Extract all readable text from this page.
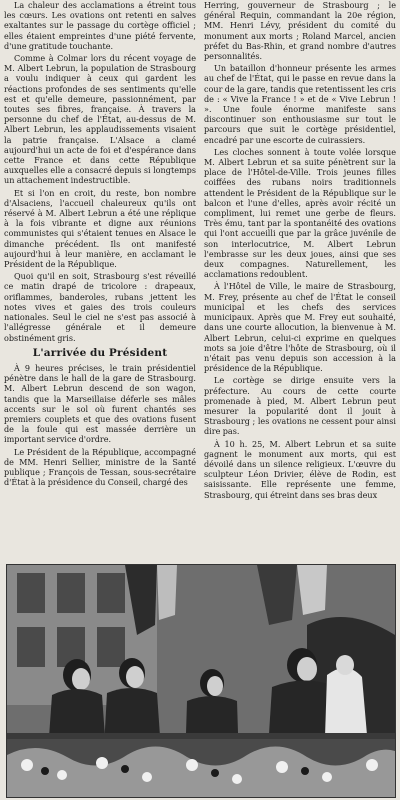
La chaleur des acclamations a étreint tous les cœurs. Les ovations ont retenti en salves exaltantes sur le passage du cortège officiel ; elles étaient empreintes d'une piété fervente, d'une gratitude touchante.

Comme à Colmar lors du récent voyage de M. Albert Lebrun, la population de Strasbourg a voulu indiquer à ceux qui gardent les réactions profondes de ses sentiments qu'elle est et qu'elle demeure, passionnément, par toutes ses fibres, française. À travers la personne du chef de l'État, au-dessus de M. Albert Lebrun, les applaudissements visaient la patrie française. L'Alsace a clamé aujourd'hui un acte de foi et d'espérance dans cette France et dans cette République auxquelles elle a consacré depuis si longtemps un attachement indestructible.

Et si l'on en croit, du reste, bon nombre d'Alsaciens, l'accueil chaleureux qu'ils ont réservé à M. Albert Lebrun a été une réplique à la fois vibrante et digne aux réunions communistes qui s'étaient tenues en Alsace le dimanche précédent. Ils ont manifesté aujourd'hui à leur manière, en acclamant le Président de la République.

Quoi qu'il en soit, Strasbourg s'est réveillé ce matin drapé de tricolore : drapeaux, oriflammes, banderoles, rubans jettent les notes vives et gaies des trois couleurs nationales. Seul le ciel ne s'est pas associé à l'allégresse générale et il demeure obstinément gris.

L'arrivée du Président

À 9 heures précises, le train présidentiel pénètre dans le hall de la gare de Strasbourg. M. Albert Lebrun descend de son wagon, tandis que la Marseillaise déferle ses mâles accents sur le sol où furent chantés ses premiers couplets et que des ovations fusent de la foule qui est massée derrière un important service d'ordre.

Le Président de la République, accompagné de MM. Henri Sellier, ministre de la Santé publique ; François de Tessan, sous-secrétaire d'État à la présidence du Conseil, chargé des

Herring, gouverneur de Strasbourg ; le général Requin, commandant la 20e région, MM. Henri Lévy, président du comité du monument aux morts ; Roland Marcel, ancien préfet du Bas-Rhin, et grand nombre d'autres personnalités.

Un bataillon d'honneur présente les armes au chef de l'État, qui le passe en revue dans la cour de la gare, tandis que retentissent les cris de : « Vive la France ! » et de « Vive Lebrun ! ». Une foule énorme manifeste sans discontinuer son enthousiasme sur tout le parcours que suit le cortège présidentiel, encadré par une escorte de cuirassiers.

Les cloches sonnent à toute volée lorsque M. Albert Lebrun et sa suite pénètrent sur la place de l'Hôtel-de-Ville. Trois jeunes filles coiffées des rubans noirs traditionnels attendent le Président de la République sur le balcon et l'une d'elles, après avoir récité un compliment, lui remet une gerbe de fleurs. Très ému, tant par la spontanéité des ovations qui l'ont accueilli que par la grâce juvénile de son interlocutrice, M. Albert Lebrun l'embrasse sur les deux joues, ainsi que ses deux compagnes. Naturellement, les acclamations redoublent.

À l'Hôtel de Ville, le maire de Strasbourg, M. Frey, présente au chef de l'État le conseil municipal et les chefs des services municipaux. Après que M. Frey eut souhaité, dans une courte allocution, la bienvenue à M. Albert Lebrun, celui-ci exprime en quelques mots sa joie d'être l'hôte de Strasbourg, où il n'était pas venu depuis son accession à la présidence de la République.

Le cortège se dirige ensuite vers la préfecture. Au cours de cette courte promenade à pied, M. Albert Lebrun peut mesurer la popularité dont il jouit à Strasbourg ; les ovations ne cessent pour ainsi dire pas.

À 10 h. 25, M. Albert Lebrun et sa suite gagnent le monument aux morts, qui est dévoilé dans un silence religieux. L'œuvre du sculpteur Léon Drivier, élève de Rodin, est saisissante. Elle représente une femme, Strasbourg, qui étreint dans ses bras deux
